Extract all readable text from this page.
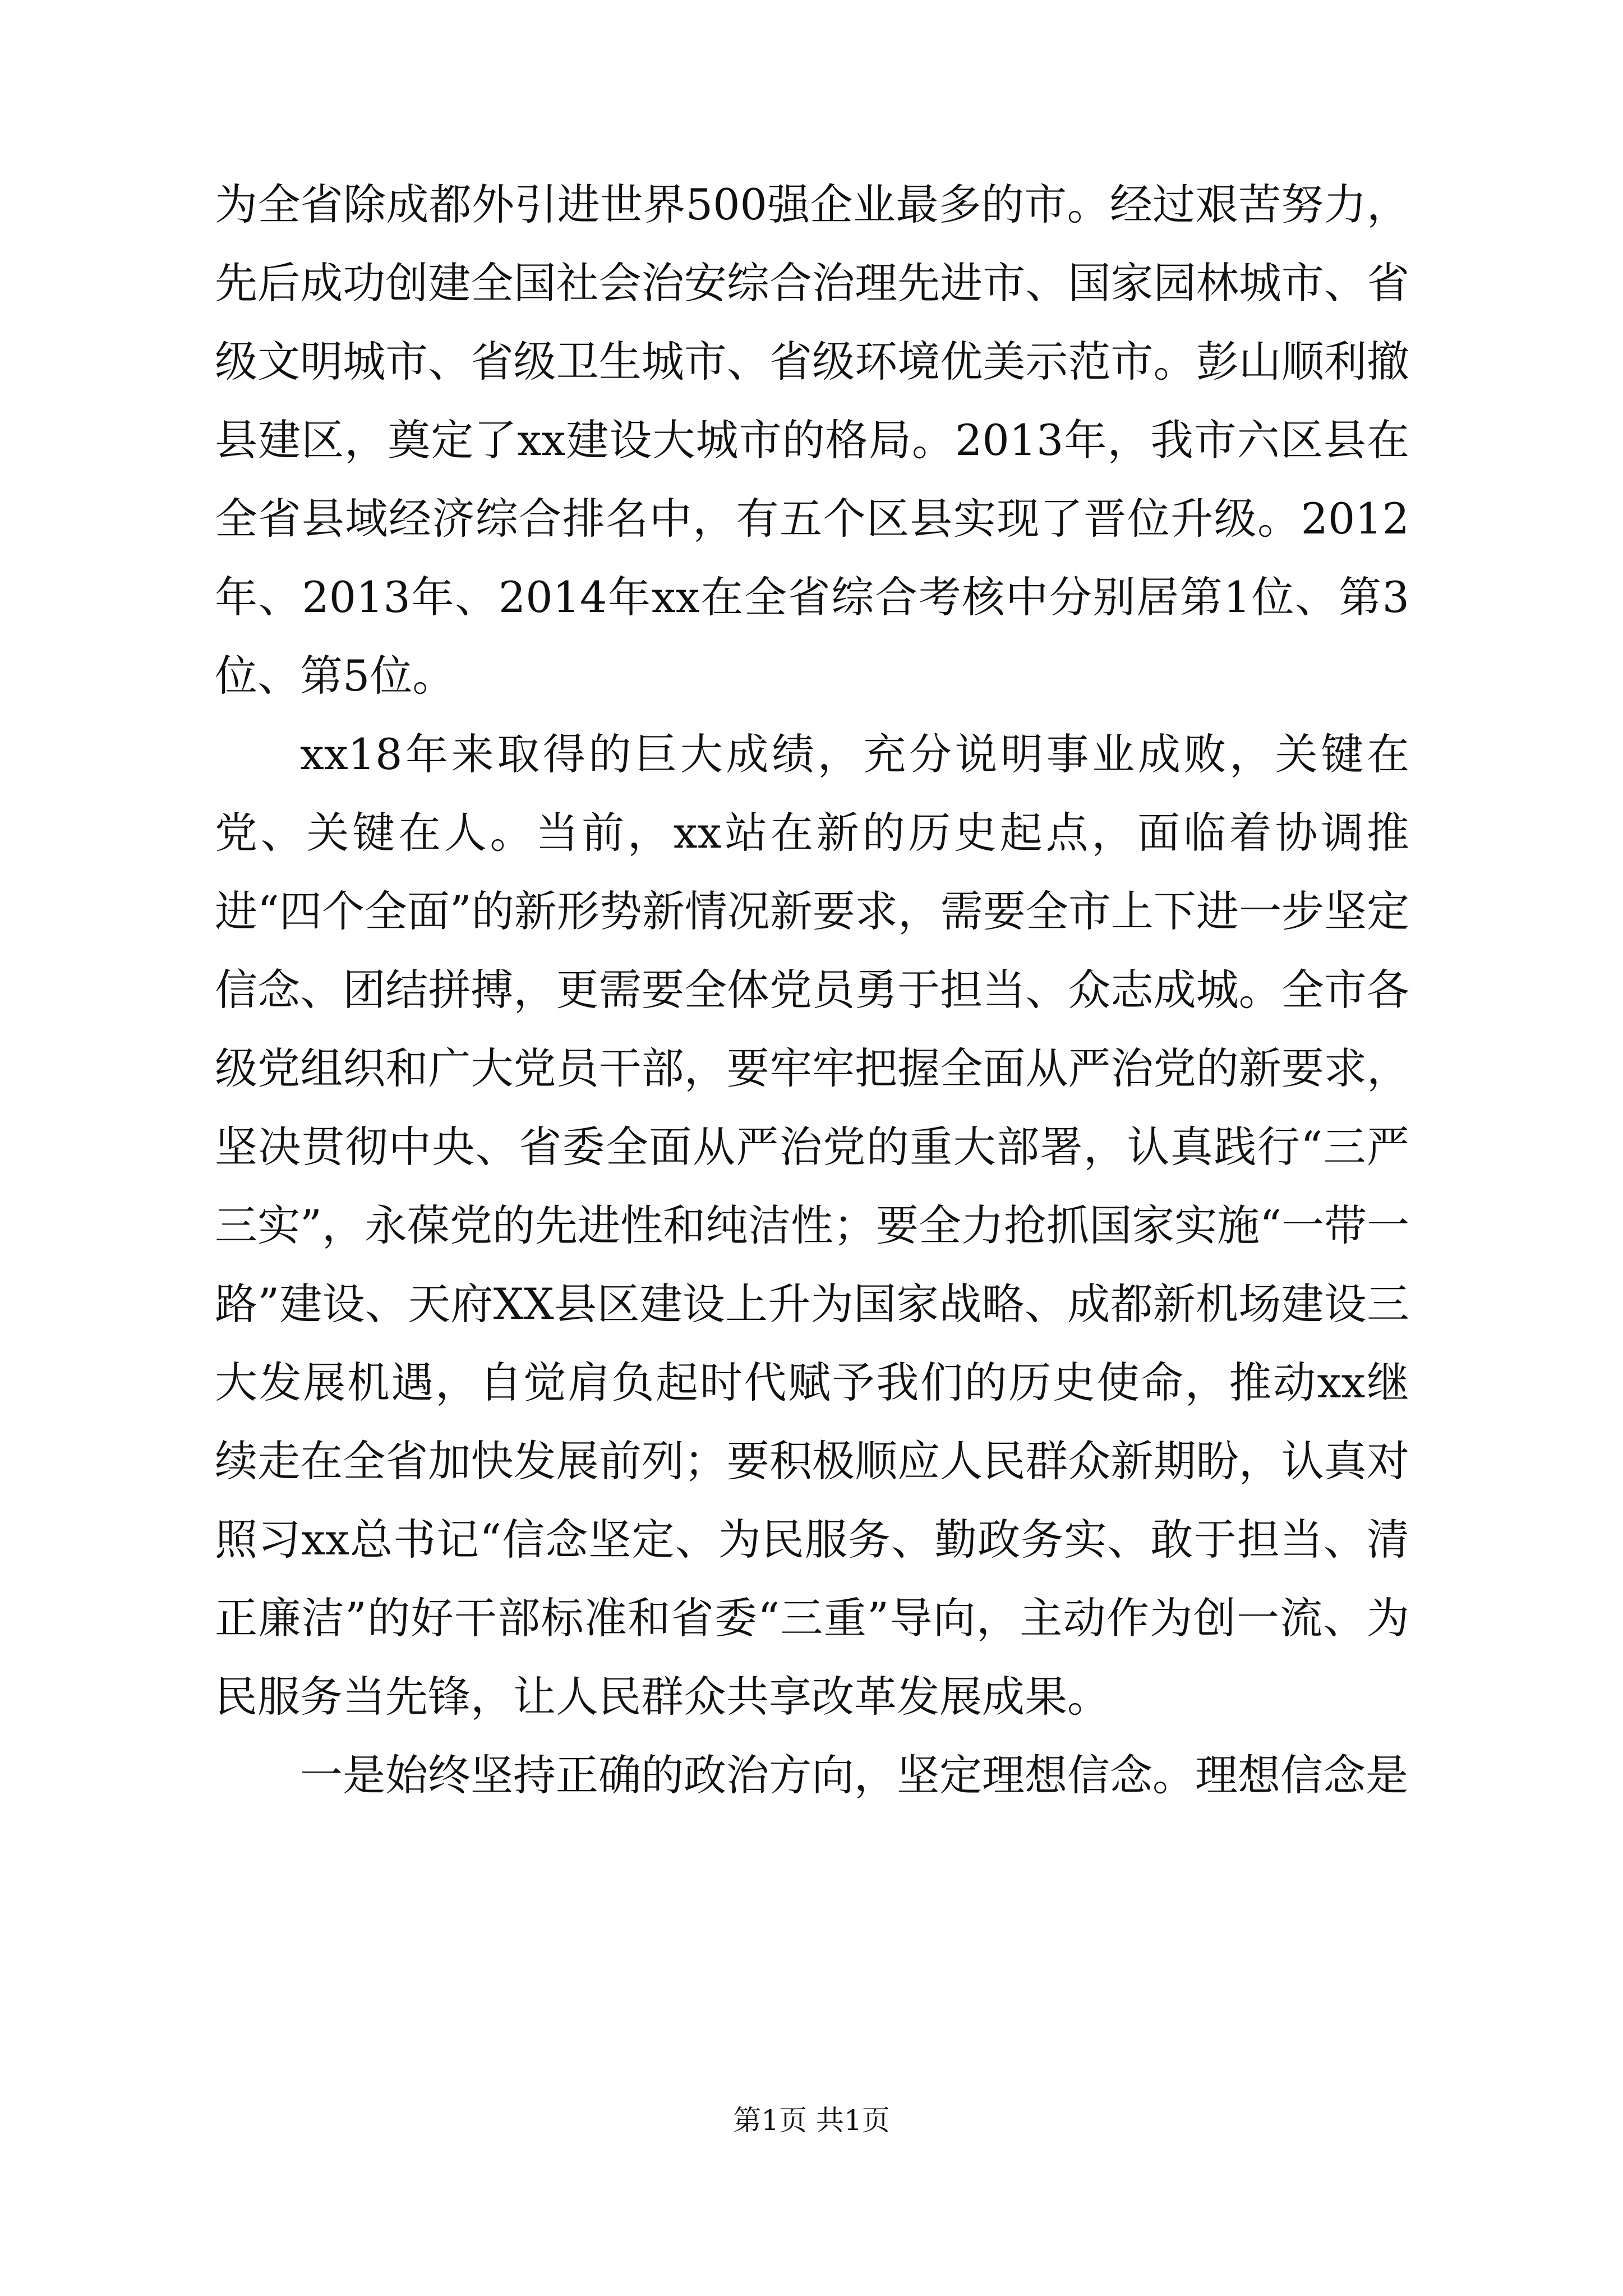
为全省除成都外引进世界500强企业最多的市。经过艰苦努力，先后成功创建全国社会治安综合治理先进市、国家园林城市、省级文明城市、省级卫生城市、省级环境优美示范市。彭山顺利撤县建区，奠定了xx建设大城市的格局。2013年，我市六区县在全省县域经济综合排名中，有五个区县实现了晋位升级。2012年、2013年、2014年xx在全省综合考核中分别居第1位、第3位、第5位。

xx18年来取得的巨大成绩，充分说明事业成败，关键在党、关键在人。当前，xx站在新的历史起点，面临着协调推进“四个全面”的新形势新情况新要求，需要全市上下进一步坚定信念、团结拼搏，更需要全体党员勇于担当、众志成城。全市各级党组织和广大党员干部，要牢牢把握全面从严治党的新要求，坚决贯彻中央、省委全面从严治党的重大部署，认真践行“三严三实”，永葆党的先进性和纯洁性；要全力抢抓国家实施“一带一路”建设、天府XX县区建设上升为国家战略、成都新机场建设三大发展机遇，自觉肩负起时代赋予我们的历史使命，推动xx继续走在全省加快发展前列；要积极顺应人民群众新期盼，认真对照习xx总书记“信念坚定、为民服务、勤政务实、敢于担当、清正廉洁”的好干部标准和省委“三重”导向，主动作为创一流、为民服务当先锋，让人民群众共享改革发展成果。

一是始终坚持正确的政治方向，坚定理想信念。理想信念是

第1页 共1页
